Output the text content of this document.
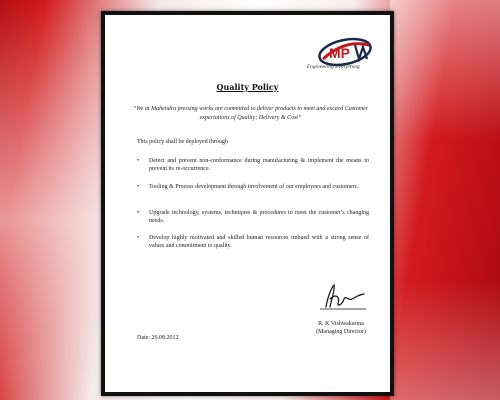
MP
Engineering Everything
Quality Policy
“We at Mahendra pressing works are committed to deliver products to meet and exceed Customer expectations of Quality; Delivery & Cost”
This policy shall be deployed through
• Detect and prevent non-conformance during manufacturing & implement the means to prevent its re-occurrence.
• Tooling & Process development through involvement of our employees and customers.
• Upgrade technology, systems, techniques & procedures to meet the customer’s changing needs.
• Develop highly motivated and skilled human resources imbued with a strong sense of values and commitment to quality.
R. K Vishwakarma
(Managing Director)
Date: 26.08.2012
